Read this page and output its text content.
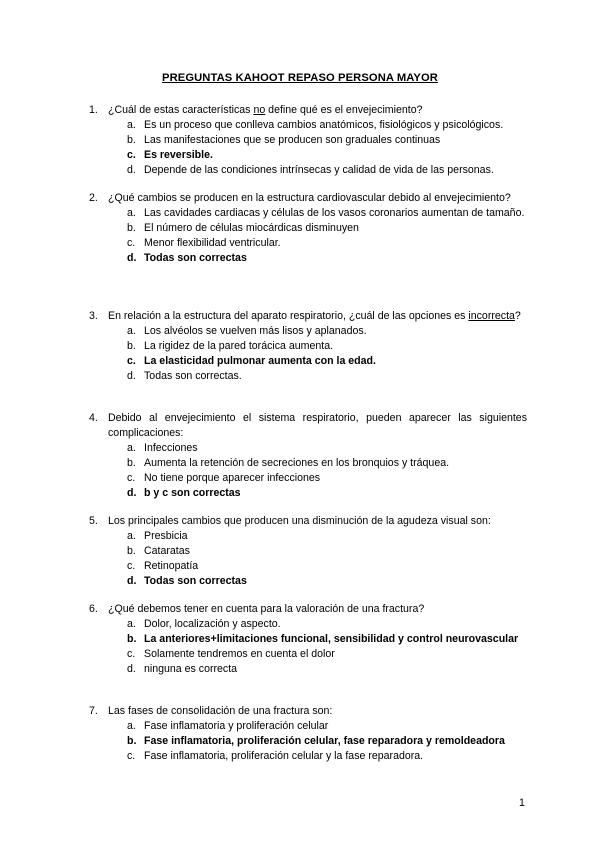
PREGUNTAS KAHOOT REPASO PERSONA MAYOR
1. ¿Cuál de estas características no define qué es el envejecimiento?
a. Es un proceso que conlleva cambios anatómicos, fisiológicos y psicológicos.
b. Las manifestaciones que se producen son graduales continuas
c. Es reversible.
d. Depende de las condiciones intrínsecas y calidad de vida de las personas.
2. ¿Qué cambios se producen en la estructura cardiovascular debido al envejecimiento?
a. Las cavidades cardiacas y células de los vasos coronarios aumentan de tamaño.
b. El número de células miocárdicas disminuyen
c. Menor flexibilidad ventricular.
d. Todas son correctas
3. En relación a la estructura del aparato respiratorio, ¿cuál de las opciones es incorrecta?
a. Los alvéolos se vuelven más lisos y aplanados.
b. La rigidez de la pared torácica aumenta.
c. La elasticidad pulmonar aumenta con la edad.
d. Todas son correctas.
4. Debido al envejecimiento el sistema respiratorio, pueden aparecer las siguientes complicaciones:
a. Infecciones
b. Aumenta la retención de secreciones en los bronquios y tráquea.
c. No tiene porque aparecer infecciones
d. b y c son correctas
5. Los principales cambios que producen una disminución de la agudeza visual son:
a. Presbicia
b. Cataratas
c. Retinopatía
d. Todas son correctas
6. ¿Qué debemos tener en cuenta para la valoración de una fractura?
a. Dolor, localización y aspecto.
b. La anteriores+limitaciones funcional, sensibilidad y control neurovascular
c. Solamente tendremos en cuenta el dolor
d. ninguna es correcta
7. Las fases de consolidación de una fractura son:
a. Fase inflamatoria y proliferación celular
b. Fase inflamatoria, proliferación celular, fase reparadora y remoldeadora
c. Fase inflamatoria, proliferación celular y la fase reparadora.
1
